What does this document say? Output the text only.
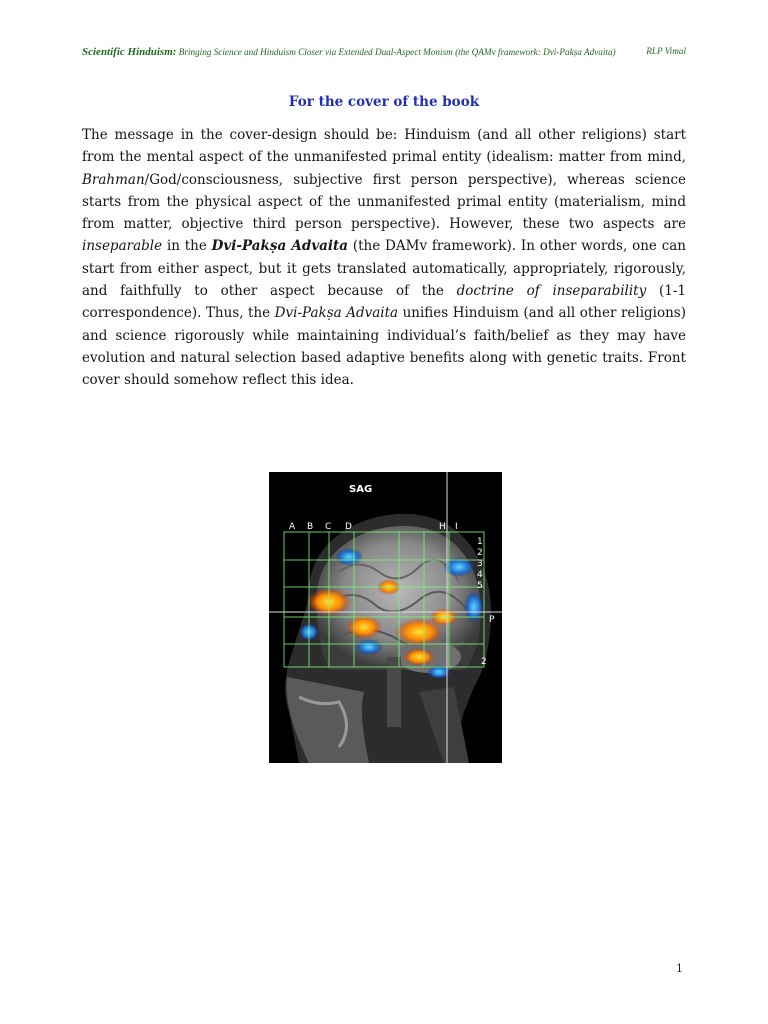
Scientific Hinduism: Bringing Science and Hinduism Closer via Extended Dual-Aspect Monism (the QAMv framework: Dvi-Pakṣa Advaita)	RLP Vimal
For the cover of the book
The message in the cover-design should be: Hinduism (and all other religions) start from the mental aspect of the unmanifested primal entity (idealism: matter from mind, Brahman/God/consciousness, subjective first person perspective), whereas science starts from the physical aspect of the unmanifested primal entity (materialism, mind from matter, objective third person perspective). However, these two aspects are inseparable in the Dvi-Pakṣa Advaita (the DAMv framework). In other words, one can start from either aspect, but it gets translated automatically, appropriately, rigorously, and faithfully to other aspect because of the doctrine of inseparability (1-1 correspondence). Thus, the Dvi-Pakṣa Advaita unifies Hinduism (and all other religions) and science rigorously while maintaining individual’s faith/belief as they may have evolution and natural selection based adaptive benefits along with genetic traits. Front cover should somehow reflect this idea.
SAG
A B C D	H I
1
2
3
4
5
P
2
1
